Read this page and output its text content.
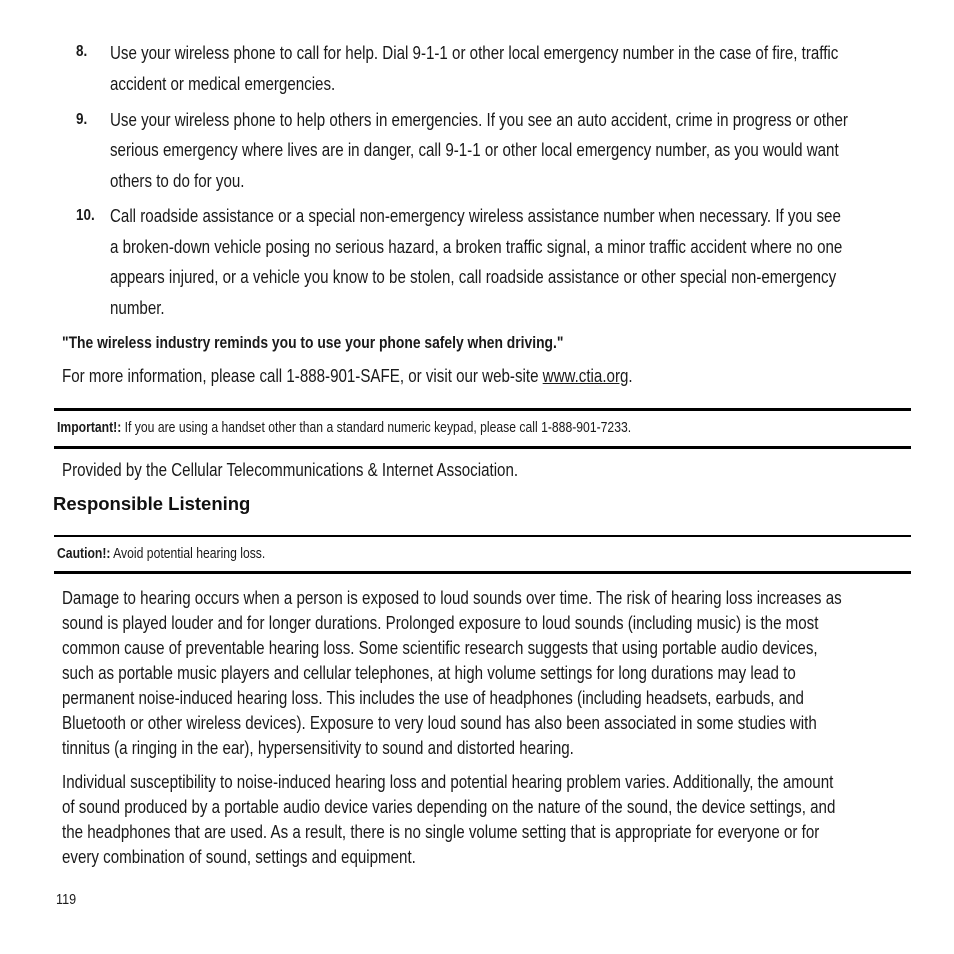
8. Use your wireless phone to call for help. Dial 9-1-1 or other local emergency number in the case of fire, traffic
accident or medical emergencies.
9. Use your wireless phone to help others in emergencies. If you see an auto accident, crime in progress or other
serious emergency where lives are in danger, call 9-1-1 or other local emergency number, as you would want
others to do for you.
10. Call roadside assistance or a special non-emergency wireless assistance number when necessary. If you see
a broken-down vehicle posing no serious hazard, a broken traffic signal, a minor traffic accident where no one
appears injured, or a vehicle you know to be stolen, call roadside assistance or other special non-emergency
number.
"The wireless industry reminds you to use your phone safely when driving."
For more information, please call 1-888-901-SAFE, or visit our web-site www.ctia.org.
Important!: If you are using a handset other than a standard numeric keypad, please call 1-888-901-7233.
Provided by the Cellular Telecommunications & Internet Association.
Responsible Listening
Caution!: Avoid potential hearing loss.
Damage to hearing occurs when a person is exposed to loud sounds over time. The risk of hearing loss increases as
sound is played louder and for longer durations. Prolonged exposure to loud sounds (including music) is the most
common cause of preventable hearing loss. Some scientific research suggests that using portable audio devices,
such as portable music players and cellular telephones, at high volume settings for long durations may lead to
permanent noise-induced hearing loss. This includes the use of headphones (including headsets, earbuds, and
Bluetooth or other wireless devices). Exposure to very loud sound has also been associated in some studies with
tinnitus (a ringing in the ear), hypersensitivity to sound and distorted hearing.
Individual susceptibility to noise-induced hearing loss and potential hearing problem varies. Additionally, the amount
of sound produced by a portable audio device varies depending on the nature of the sound, the device settings, and
the headphones that are used. As a result, there is no single volume setting that is appropriate for everyone or for
every combination of sound, settings and equipment.
119
